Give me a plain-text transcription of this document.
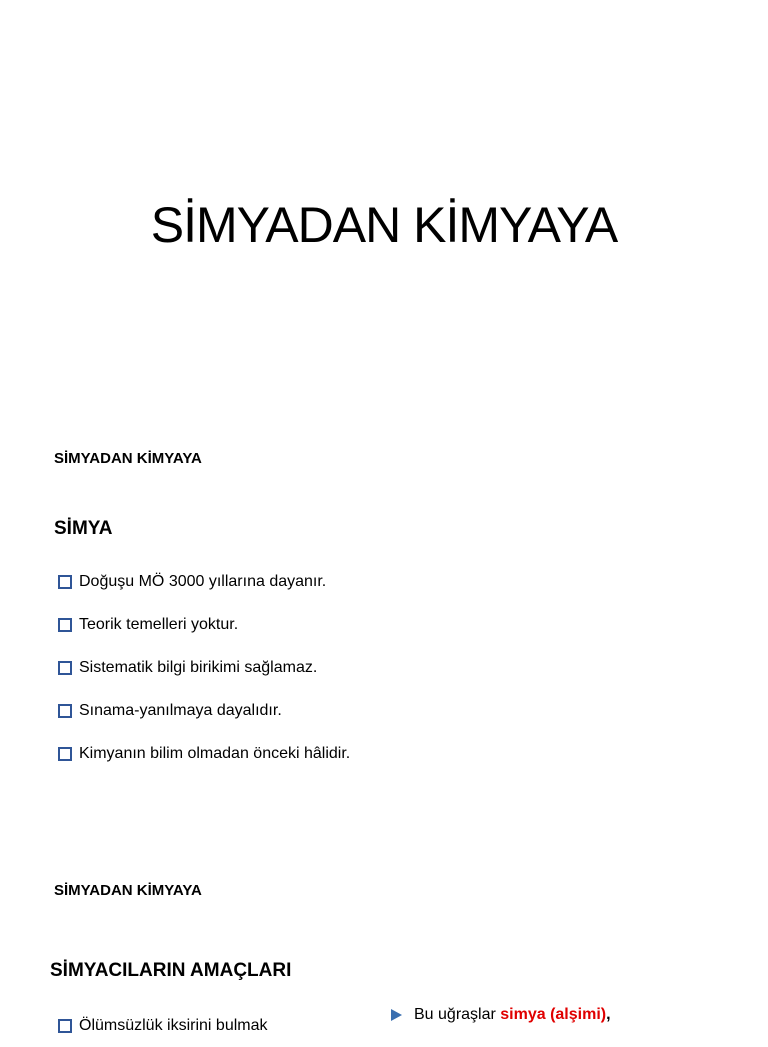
SİMYADAN KİMYAYA
SİMYADAN KİMYAYA
SİMYA
Doğuşu MÖ 3000 yıllarına dayanır.
Teorik temelleri yoktur.
Sistematik bilgi birikimi sağlamaz.
Sınama-yanılmaya dayalıdır.
Kimyanın bilim olmadan önceki hâlidir.
SİMYADAN KİMYAYA
SİMYACILARIN AMAÇLARI
Ölümsüzlük iksirini bulmak
Bu uğraşlar simya (alşimi),
